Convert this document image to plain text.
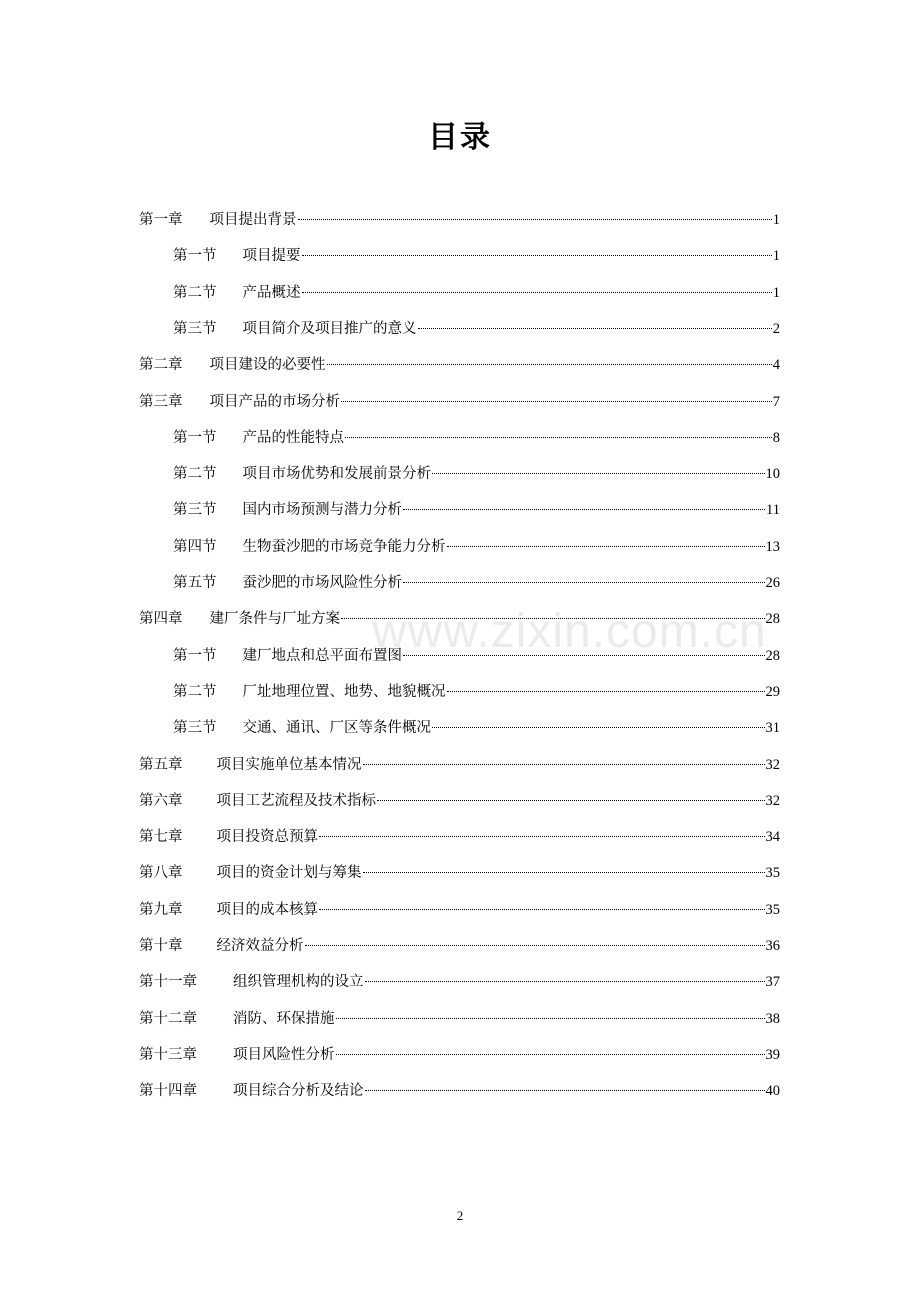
目录
第一章 项目提出背景	1
第一节 项目提要	1
第二节 产品概述	1
第三节 项目简介及项目推广的意义	2
第二章 项目建设的必要性	4
第三章 项目产品的市场分析	7
第一节 产品的性能特点	8
第二节 项目市场优势和发展前景分析	10
第三节 国内市场预测与潜力分析	11
第四节 生物蚕沙肥的市场竞争能力分析	13
第五节 蚕沙肥的市场风险性分析	26
第四章 建厂条件与厂址方案	28
第一节 建厂地点和总平面布置图	28
第二节 厂址地理位置、地势、地貌概况	29
第三节 交通、通讯、厂区等条件概况	31
第五章 项目实施单位基本情况	32
第六章 项目工艺流程及技术指标	32
第七章 项目投资总预算	34
第八章 项目的资金计划与筹集	35
第九章 项目的成本核算	35
第十章 经济效益分析	36
第十一章 组织管理机构的设立	37
第十二章 消防、环保措施	38
第十三章 项目风险性分析	39
第十四章 项目综合分析及结论	40
www.zixin.com.cn
2
